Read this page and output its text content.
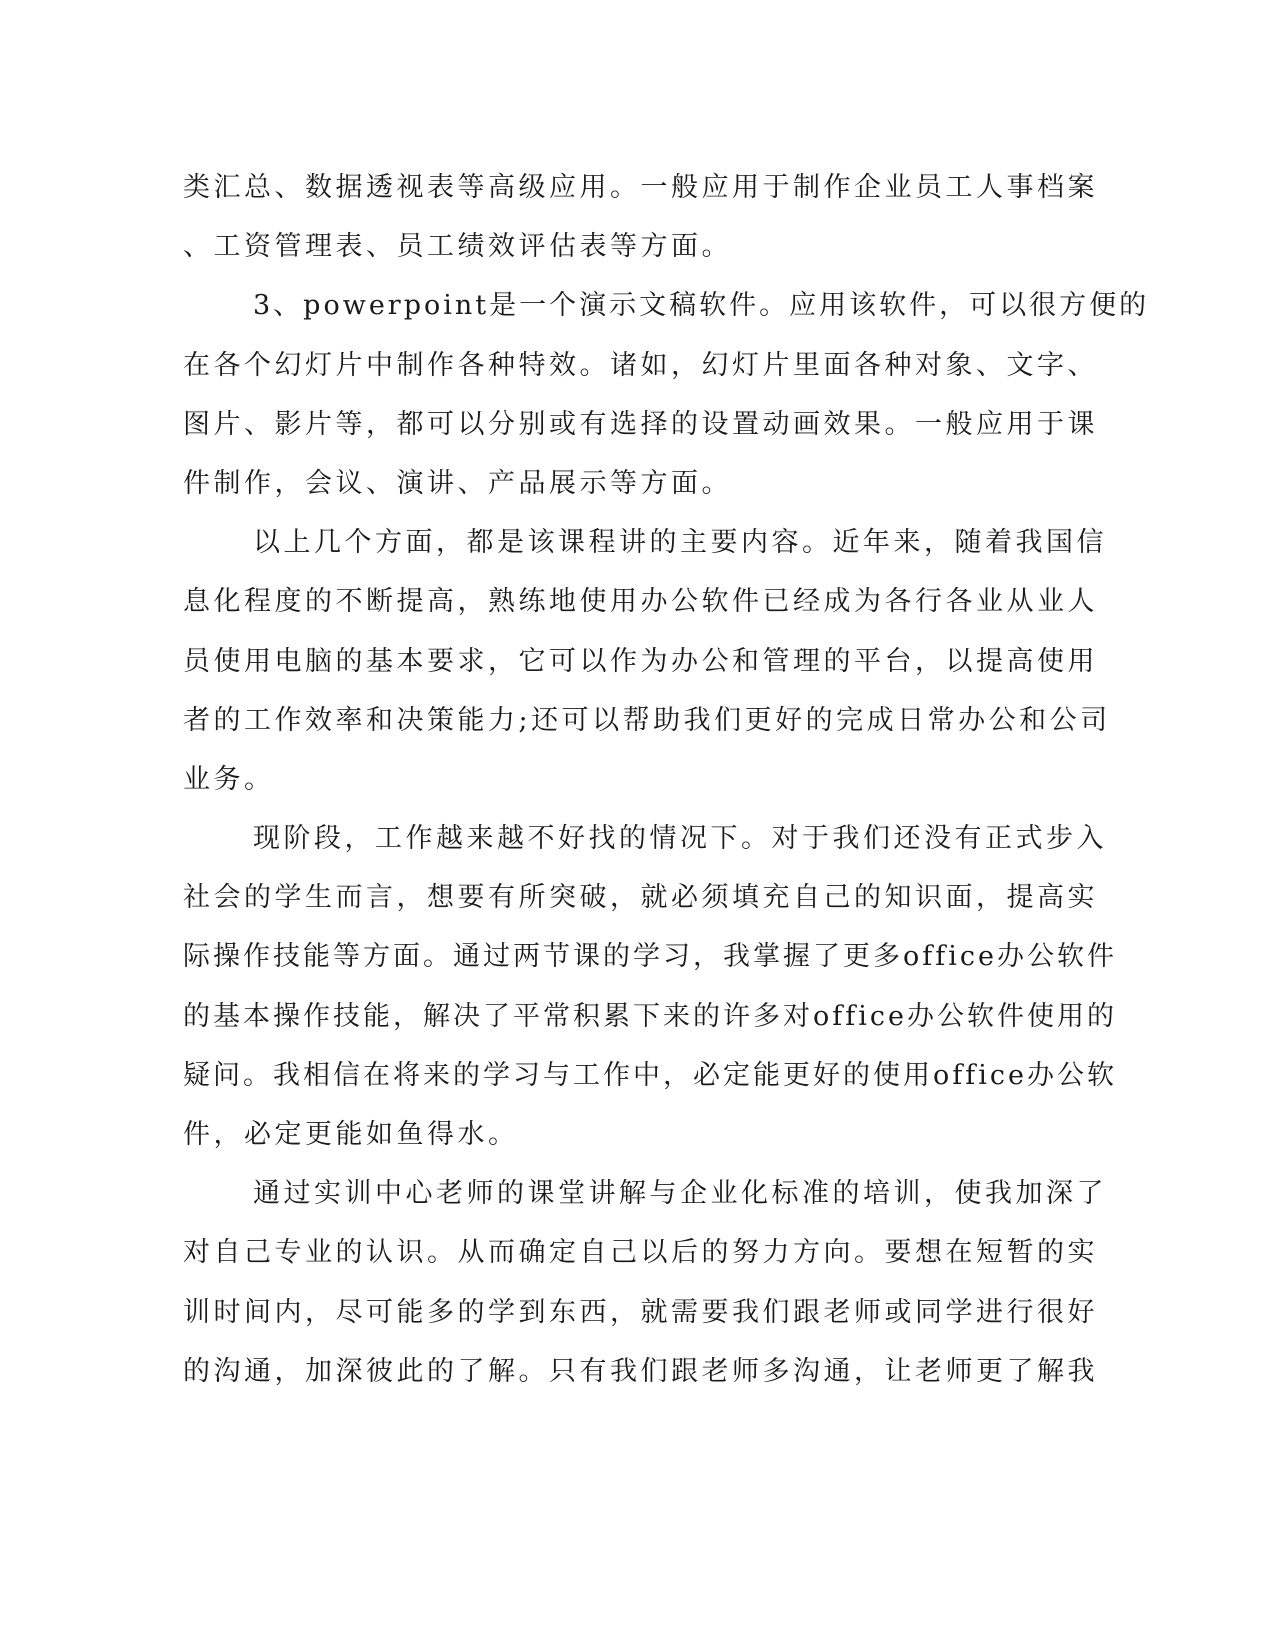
类汇总、数据透视表等高级应用。一般应用于制作企业员工人事档案
、工资管理表、员工绩效评估表等方面。
3、powerpoint是一个演示文稿软件。应用该软件，可以很方便的
在各个幻灯片中制作各种特效。诸如，幻灯片里面各种对象、文字、
图片、影片等，都可以分别或有选择的设置动画效果。一般应用于课
件制作，会议、演讲、产品展示等方面。
以上几个方面，都是该课程讲的主要内容。近年来，随着我国信
息化程度的不断提高，熟练地使用办公软件已经成为各行各业从业人
员使用电脑的基本要求，它可以作为办公和管理的平台，以提高使用
者的工作效率和决策能力;还可以帮助我们更好的完成日常办公和公司
业务。
现阶段，工作越来越不好找的情况下。对于我们还没有正式步入
社会的学生而言，想要有所突破，就必须填充自己的知识面，提高实
际操作技能等方面。通过两节课的学习，我掌握了更多office办公软件
的基本操作技能，解决了平常积累下来的许多对office办公软件使用的
疑问。我相信在将来的学习与工作中，必定能更好的使用office办公软
件，必定更能如鱼得水。
通过实训中心老师的课堂讲解与企业化标准的培训，使我加深了
对自己专业的认识。从而确定自己以后的努力方向。要想在短暂的实
训时间内，尽可能多的学到东西，就需要我们跟老师或同学进行很好
的沟通，加深彼此的了解。只有我们跟老师多沟通，让老师更了解我
